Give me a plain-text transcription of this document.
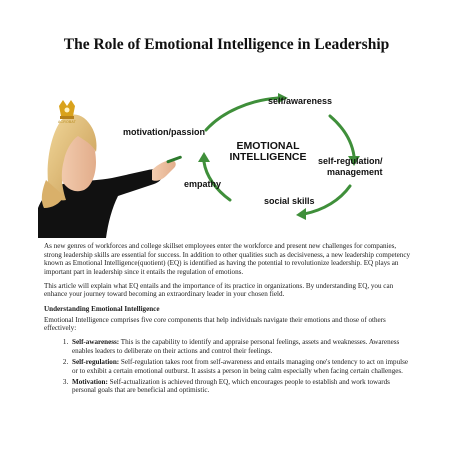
The Role of Emotional Intelligence in Leadership
ACROBAT
self/awareness
motivation/passion
EMOTIONAL
INTELLIGENCE	self-regulation/
management
empathy
social skills

As new genres of workforces and college skillset employees enter the workforce and present new challenges for companies, strong leadership skills are essential for success. In addition to other qualities such as decisiveness, a new leadership competency known as Emotional Intelligence(quotient) (EQ) is identified as having the potential to revolutionize leadership. EQ plays an important part in leadership since it entails the regulation of emotions.

This article will explain what EQ entails and the importance of its practice in organizations. By understanding EQ, you can enhance your journey toward becoming an extraordinary leader in your chosen field.

Understanding Emotional Intelligence

Emotional Intelligence comprises five core components that help individuals navigate their emotions and those of others effectively:

1. Self-awareness: This is the capability to identify and appraise personal feelings, assets and weaknesses. Awareness enables leaders to deliberate on their actions and control their feelings.
2. Self-regulation: Self-regulation takes root from self-awareness and entails managing one's tendency to act on impulse or to exhibit a certain emotional outburst. It assists a person in being calm especially when facing certain challenges.
3. Motivation: Self-actualization is achieved through EQ, which encourages people to establish and work towards personal goals that are beneficial and optimistic.
